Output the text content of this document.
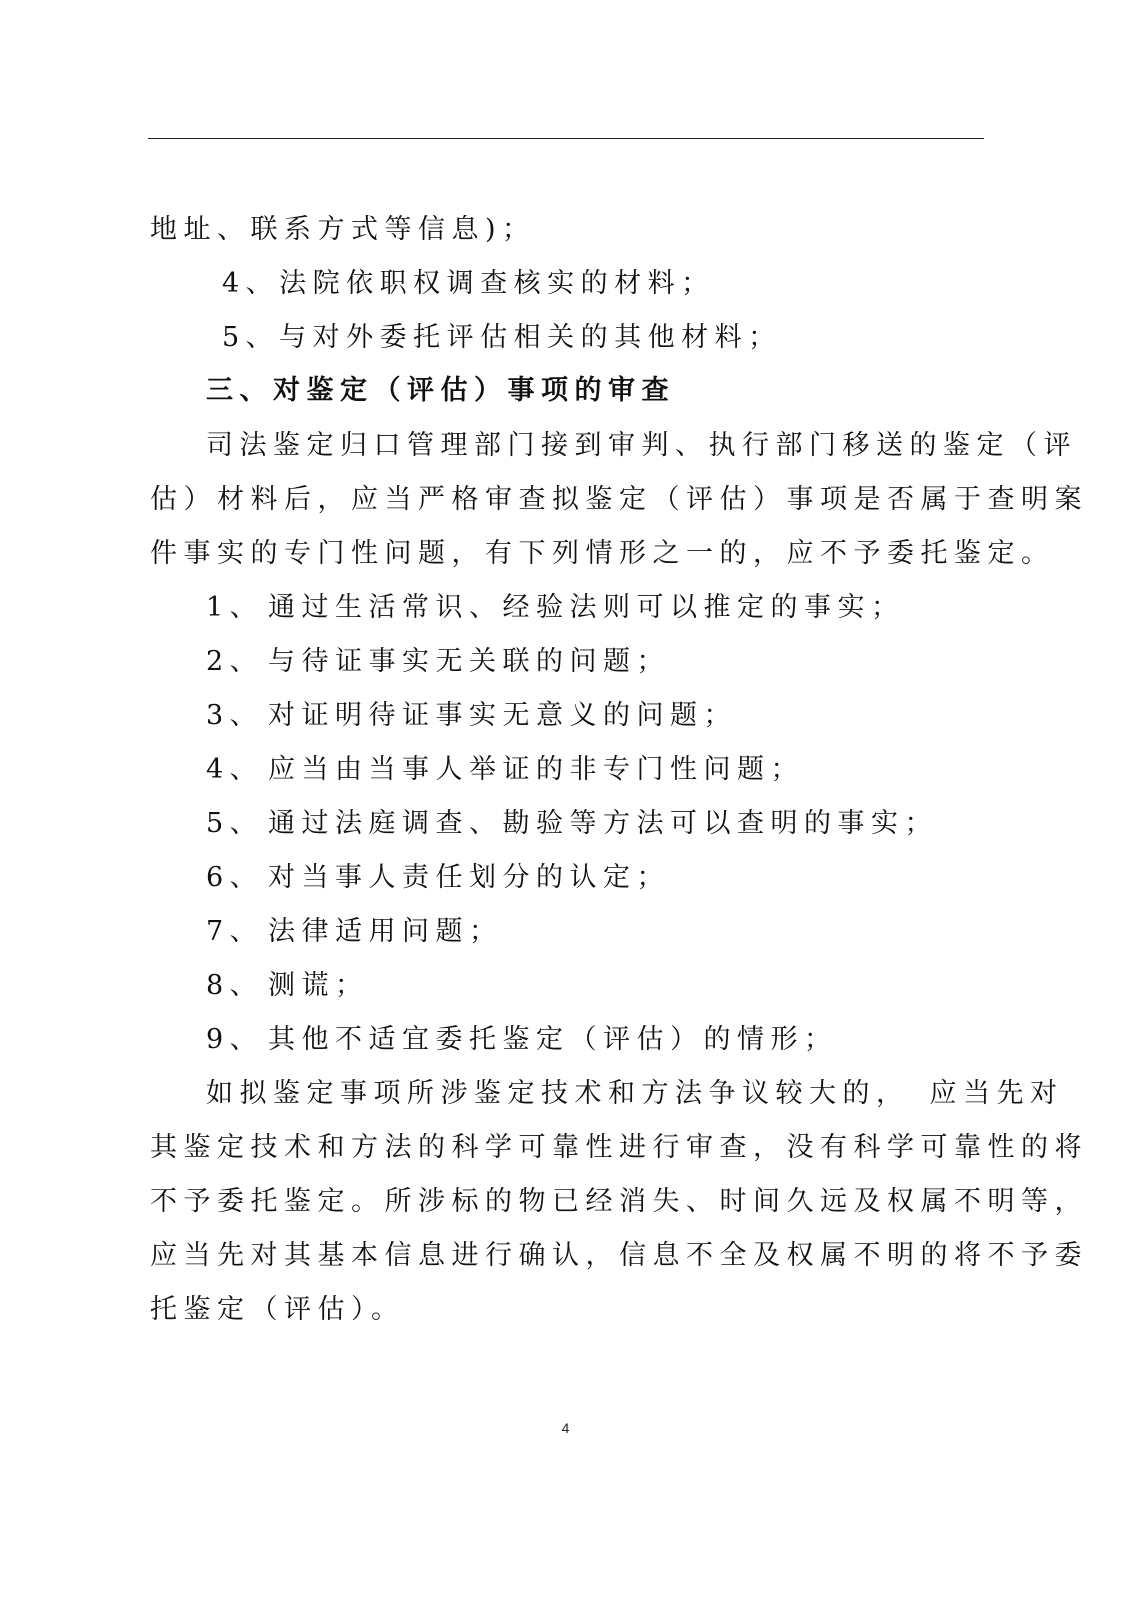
地址、联系方式等信息)；

4、法院依职权调查核实的材料；

5、与对外委托评估相关的其他材料；

三、对鉴定（评估）事项的审查

司法鉴定归口管理部门接到审判、执行部门移送的鉴定（评

估）材料后，应当严格审查拟鉴定（评估）事项是否属于查明案

件事实的专门性问题，有下列情形之一的，应不予委托鉴定。

1、 通过生活常识、经验法则可以推定的事实；

2、 与待证事实无关联的问题；

3、 对证明待证事实无意义的问题；

4、 应当由当事人举证的非专门性问题；

5、 通过法庭调查、勘验等方法可以查明的事实；

6、 对当事人责任划分的认定；

7、 法律适用问题；

8、 测谎；

9、 其他不适宜委托鉴定（评估）的情形；

如拟鉴定事项所涉鉴定技术和方法争议较大的，　应当先对

其鉴定技术和方法的科学可靠性进行审查，没有科学可靠性的将

不予委托鉴定。所涉标的物已经消失、时间久远及权属不明等，

应当先对其基本信息进行确认，信息不全及权属不明的将不予委

托鉴定（评估）。

4
